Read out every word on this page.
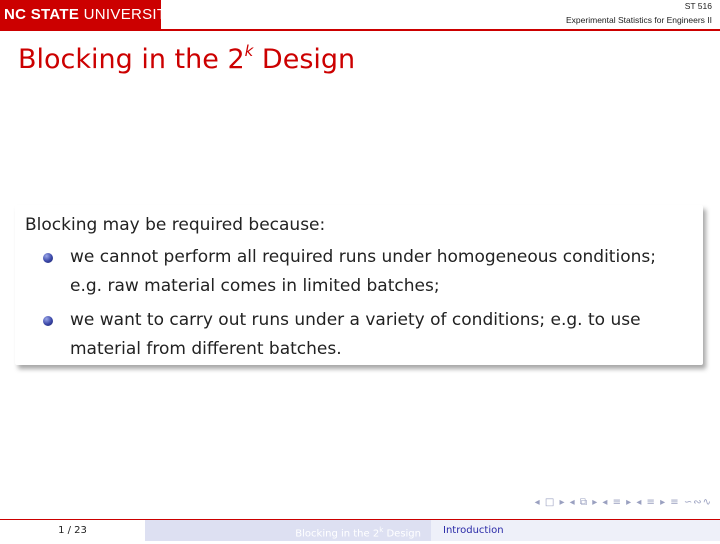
NC STATE UNIVERSITY	ST 516
Experimental Statistics for Engineers II
Blocking in the 2$^k$ Design
Blocking may be required because:
we cannot perform all required runs under homogeneous conditions; e.g. raw material comes in limited batches;
we want to carry out runs under a variety of conditions; e.g. to use material from different batches.
◂ □ ▸ ◂ ⧉ ▸ ◂ ≡ ▸ ◂ ≡ ▸ ≡ ∽∾∿
1 / 23	Blocking in the 2$^k$ Design	Introduction
